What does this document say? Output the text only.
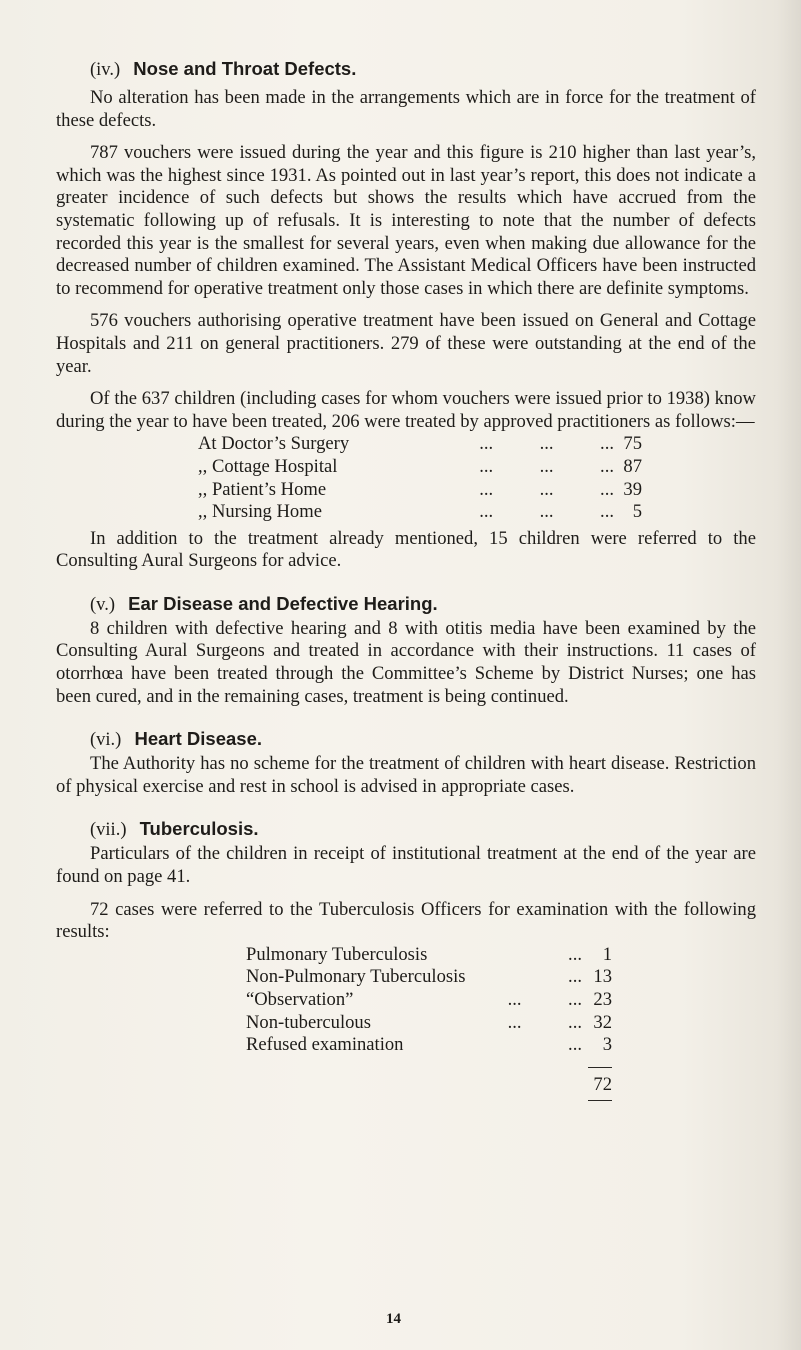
(iv.) Nose and Throat Defects.

No alteration has been made in the arrangements which are in force for the treatment of these defects.

787 vouchers were issued during the year and this figure is 210 higher than last year’s, which was the highest since 1931. As pointed out in last year’s report, this does not indicate a greater incidence of such defects but shows the results which have accrued from the systematic following up of refusals. It is interesting to note that the number of defects recorded this year is the smallest for several years, even when making due allowance for the decreased number of children examined. The Assistant Medical Officers have been instructed to recommend for operative treatment only those cases in which there are definite symptoms.

576 vouchers authorising operative treatment have been issued on General and Cottage Hospitals and 211 on general practitioners. 279 of these were outstanding at the end of the year.

Of the 637 children (including cases for whom vouchers were issued prior to 1938) know during the year to have been treated, 206 were treated by approved practitioners as follows:—

At Doctor’s Surgery	...          ...          ... 75
,, Cottage Hospital	...          ...          ... 87
,, Patient’s Home	...          ...          ... 39
,, Nursing Home	...          ...          ...	5

In addition to the treatment already mentioned, 15 children were referred to the Consulting Aural Surgeons for advice.

(v.) Ear Disease and Defective Hearing.

8 children with defective hearing and 8 with otitis media have been examined by the Consulting Aural Surgeons and treated in accordance with their instructions. 11 cases of otorrhœa have been treated through the Committee’s Scheme by District Nurses; one has been cured, and in the remaining cases, treatment is being continued.

(vi.) Heart Disease.

The Authority has no scheme for the treatment of children with heart disease. Restriction of physical exercise and rest in school is advised in appropriate cases.

(vii.) Tuberculosis.

Particulars of the children in receipt of institutional treatment at the end of the year are found on page 41.

72 cases were referred to the Tuberculosis Officers for examination with the following results:

Pulmonary Tuberculosis	...	1
Non-Pulmonary Tuberculosis	... 13
“Observation”	...          ... 23
Non-tuberculous	...          ... 32
Refused examination	...	3
72
14
